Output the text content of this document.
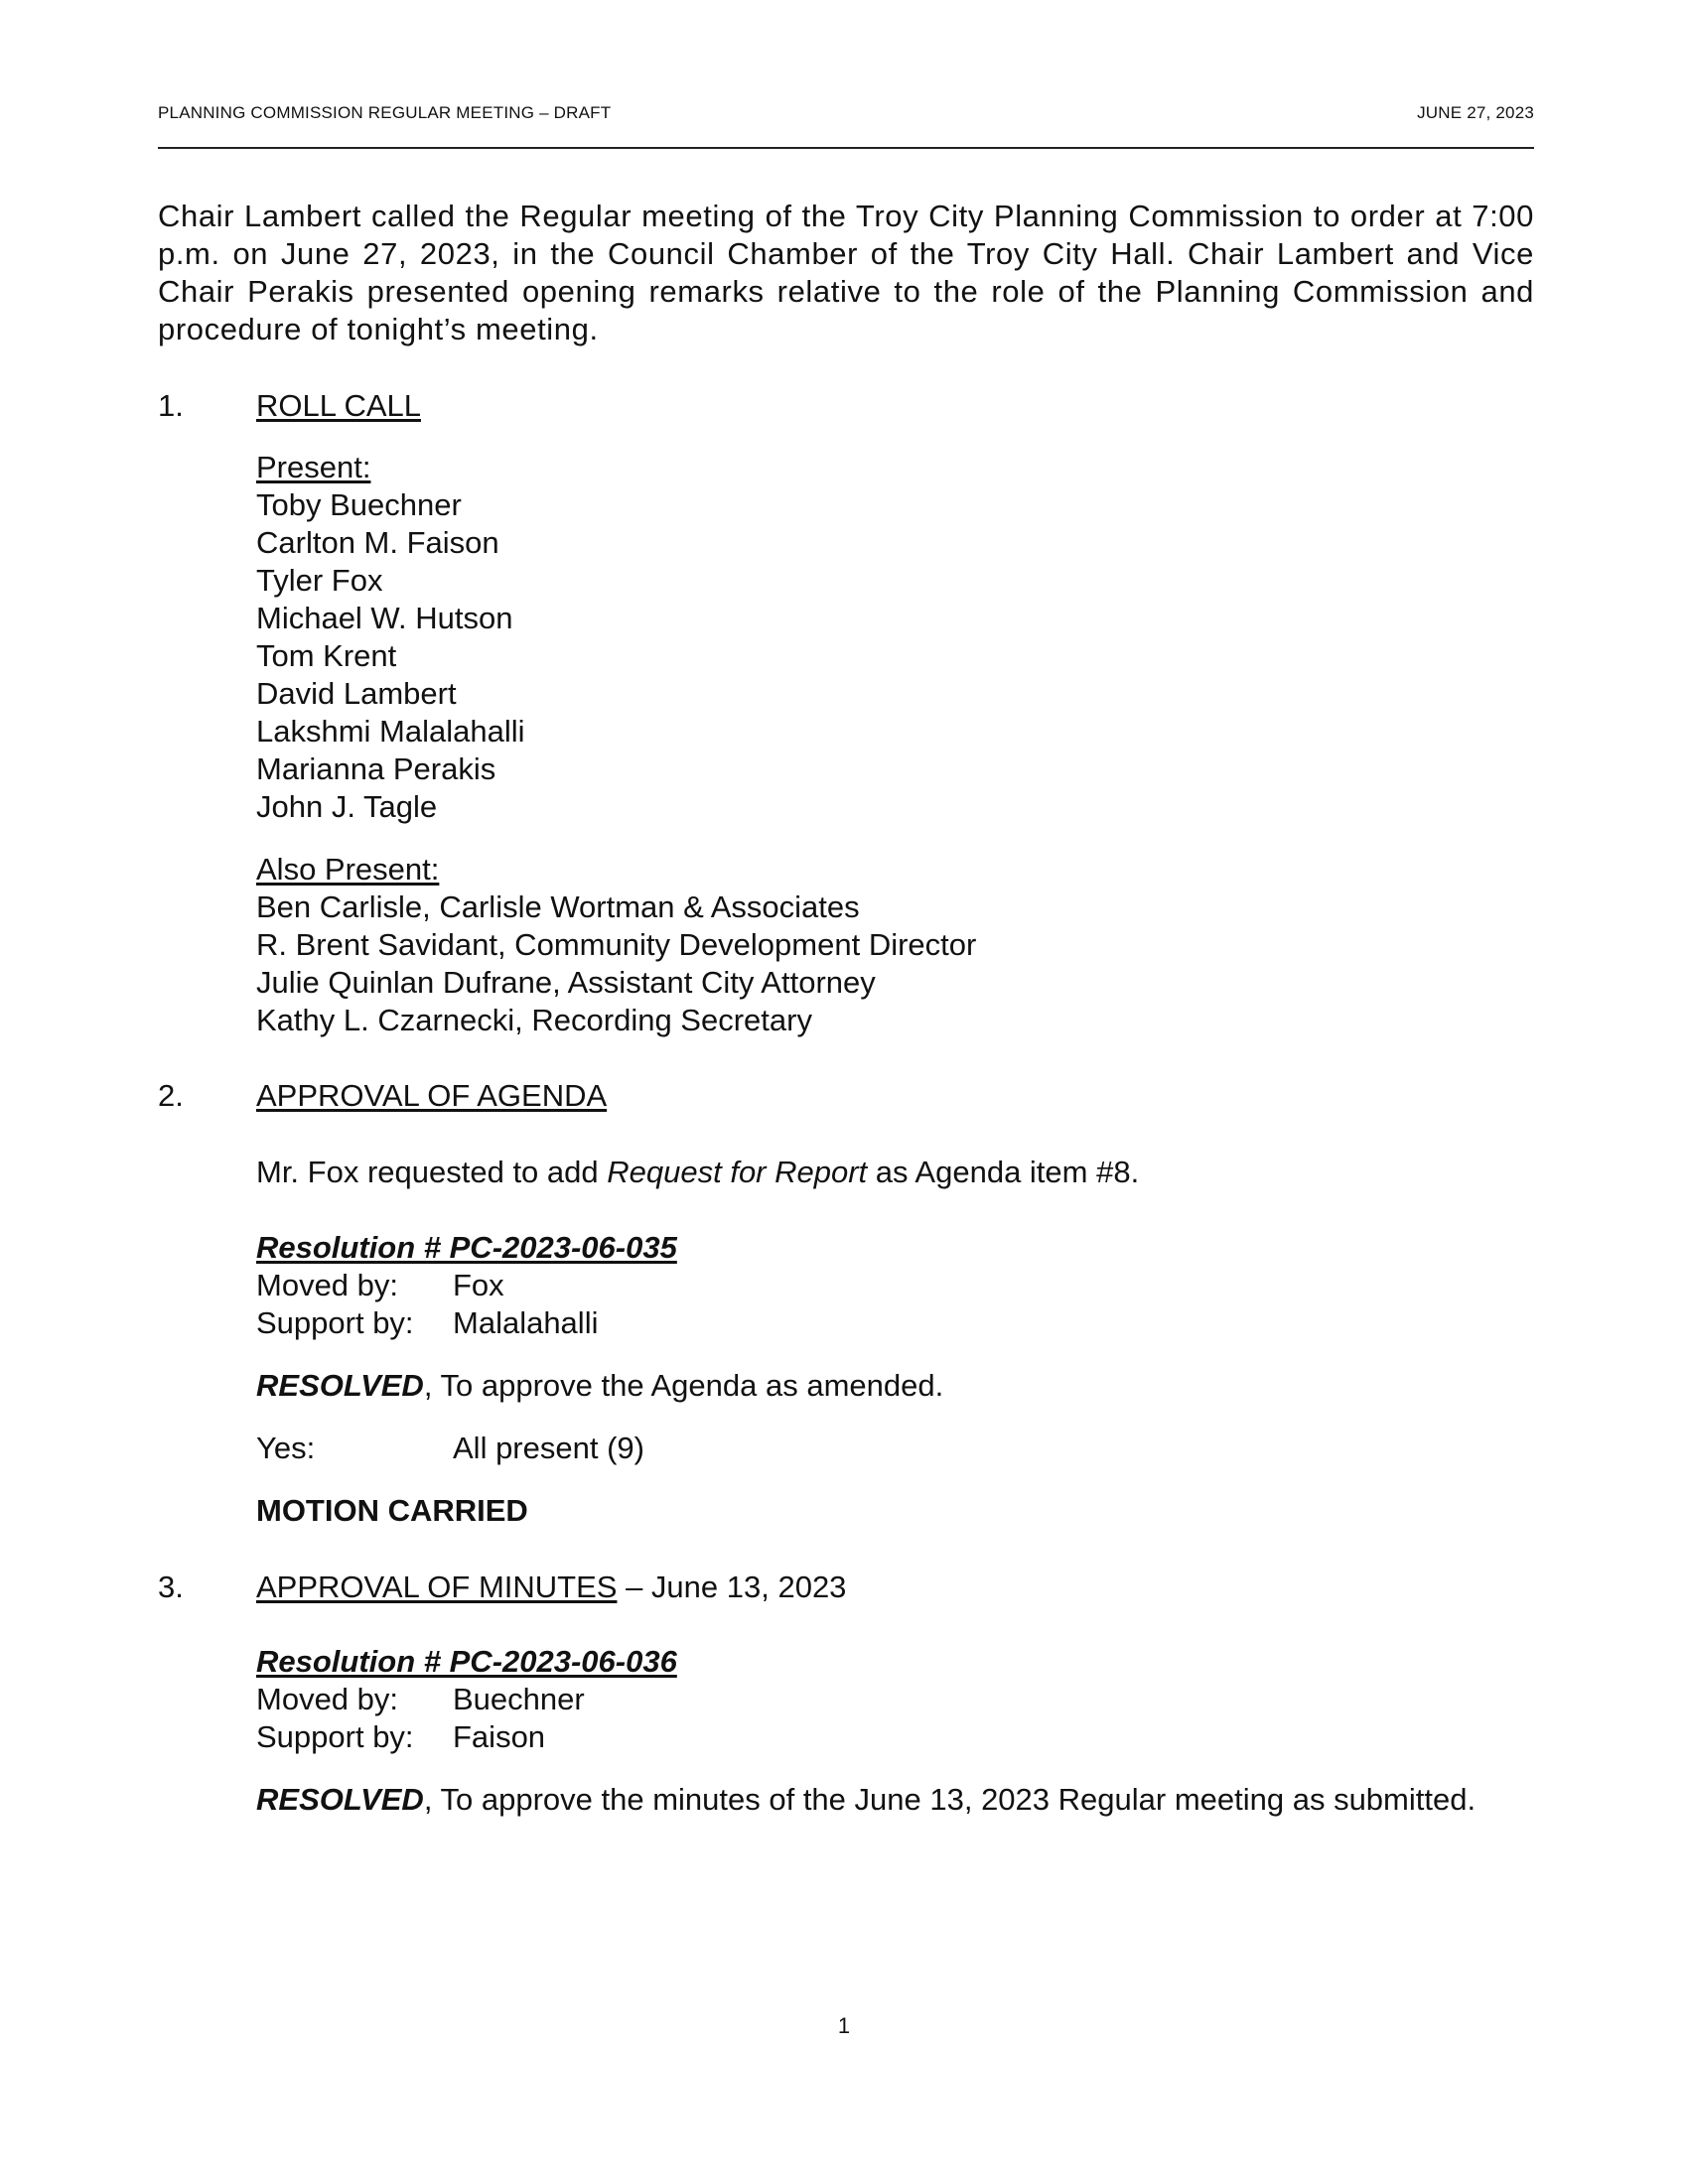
PLANNING COMMISSION REGULAR MEETING – DRAFT	JUNE 27, 2023
Chair Lambert called the Regular meeting of the Troy City Planning Commission to order at 7:00 p.m. on June 27, 2023, in the Council Chamber of the Troy City Hall. Chair Lambert and Vice Chair Perakis presented opening remarks relative to the role of the Planning Commission and procedure of tonight’s meeting.
1. ROLL CALL
Present:
Toby Buechner
Carlton M. Faison
Tyler Fox
Michael W. Hutson
Tom Krent
David Lambert
Lakshmi Malalahalli
Marianna Perakis
John J. Tagle
Also Present:
Ben Carlisle, Carlisle Wortman & Associates
R. Brent Savidant, Community Development Director
Julie Quinlan Dufrane, Assistant City Attorney
Kathy L. Czarnecki, Recording Secretary
2. APPROVAL OF AGENDA
Mr. Fox requested to add Request for Report as Agenda item #8.
Resolution # PC-2023-06-035
Moved by: Fox
Support by: Malalahalli
RESOLVED, To approve the Agenda as amended.
Yes:	All present (9)
MOTION CARRIED
3. APPROVAL OF MINUTES – June 13, 2023
Resolution # PC-2023-06-036
Moved by: Buechner
Support by: Faison
RESOLVED, To approve the minutes of the June 13, 2023 Regular meeting as submitted.
1
